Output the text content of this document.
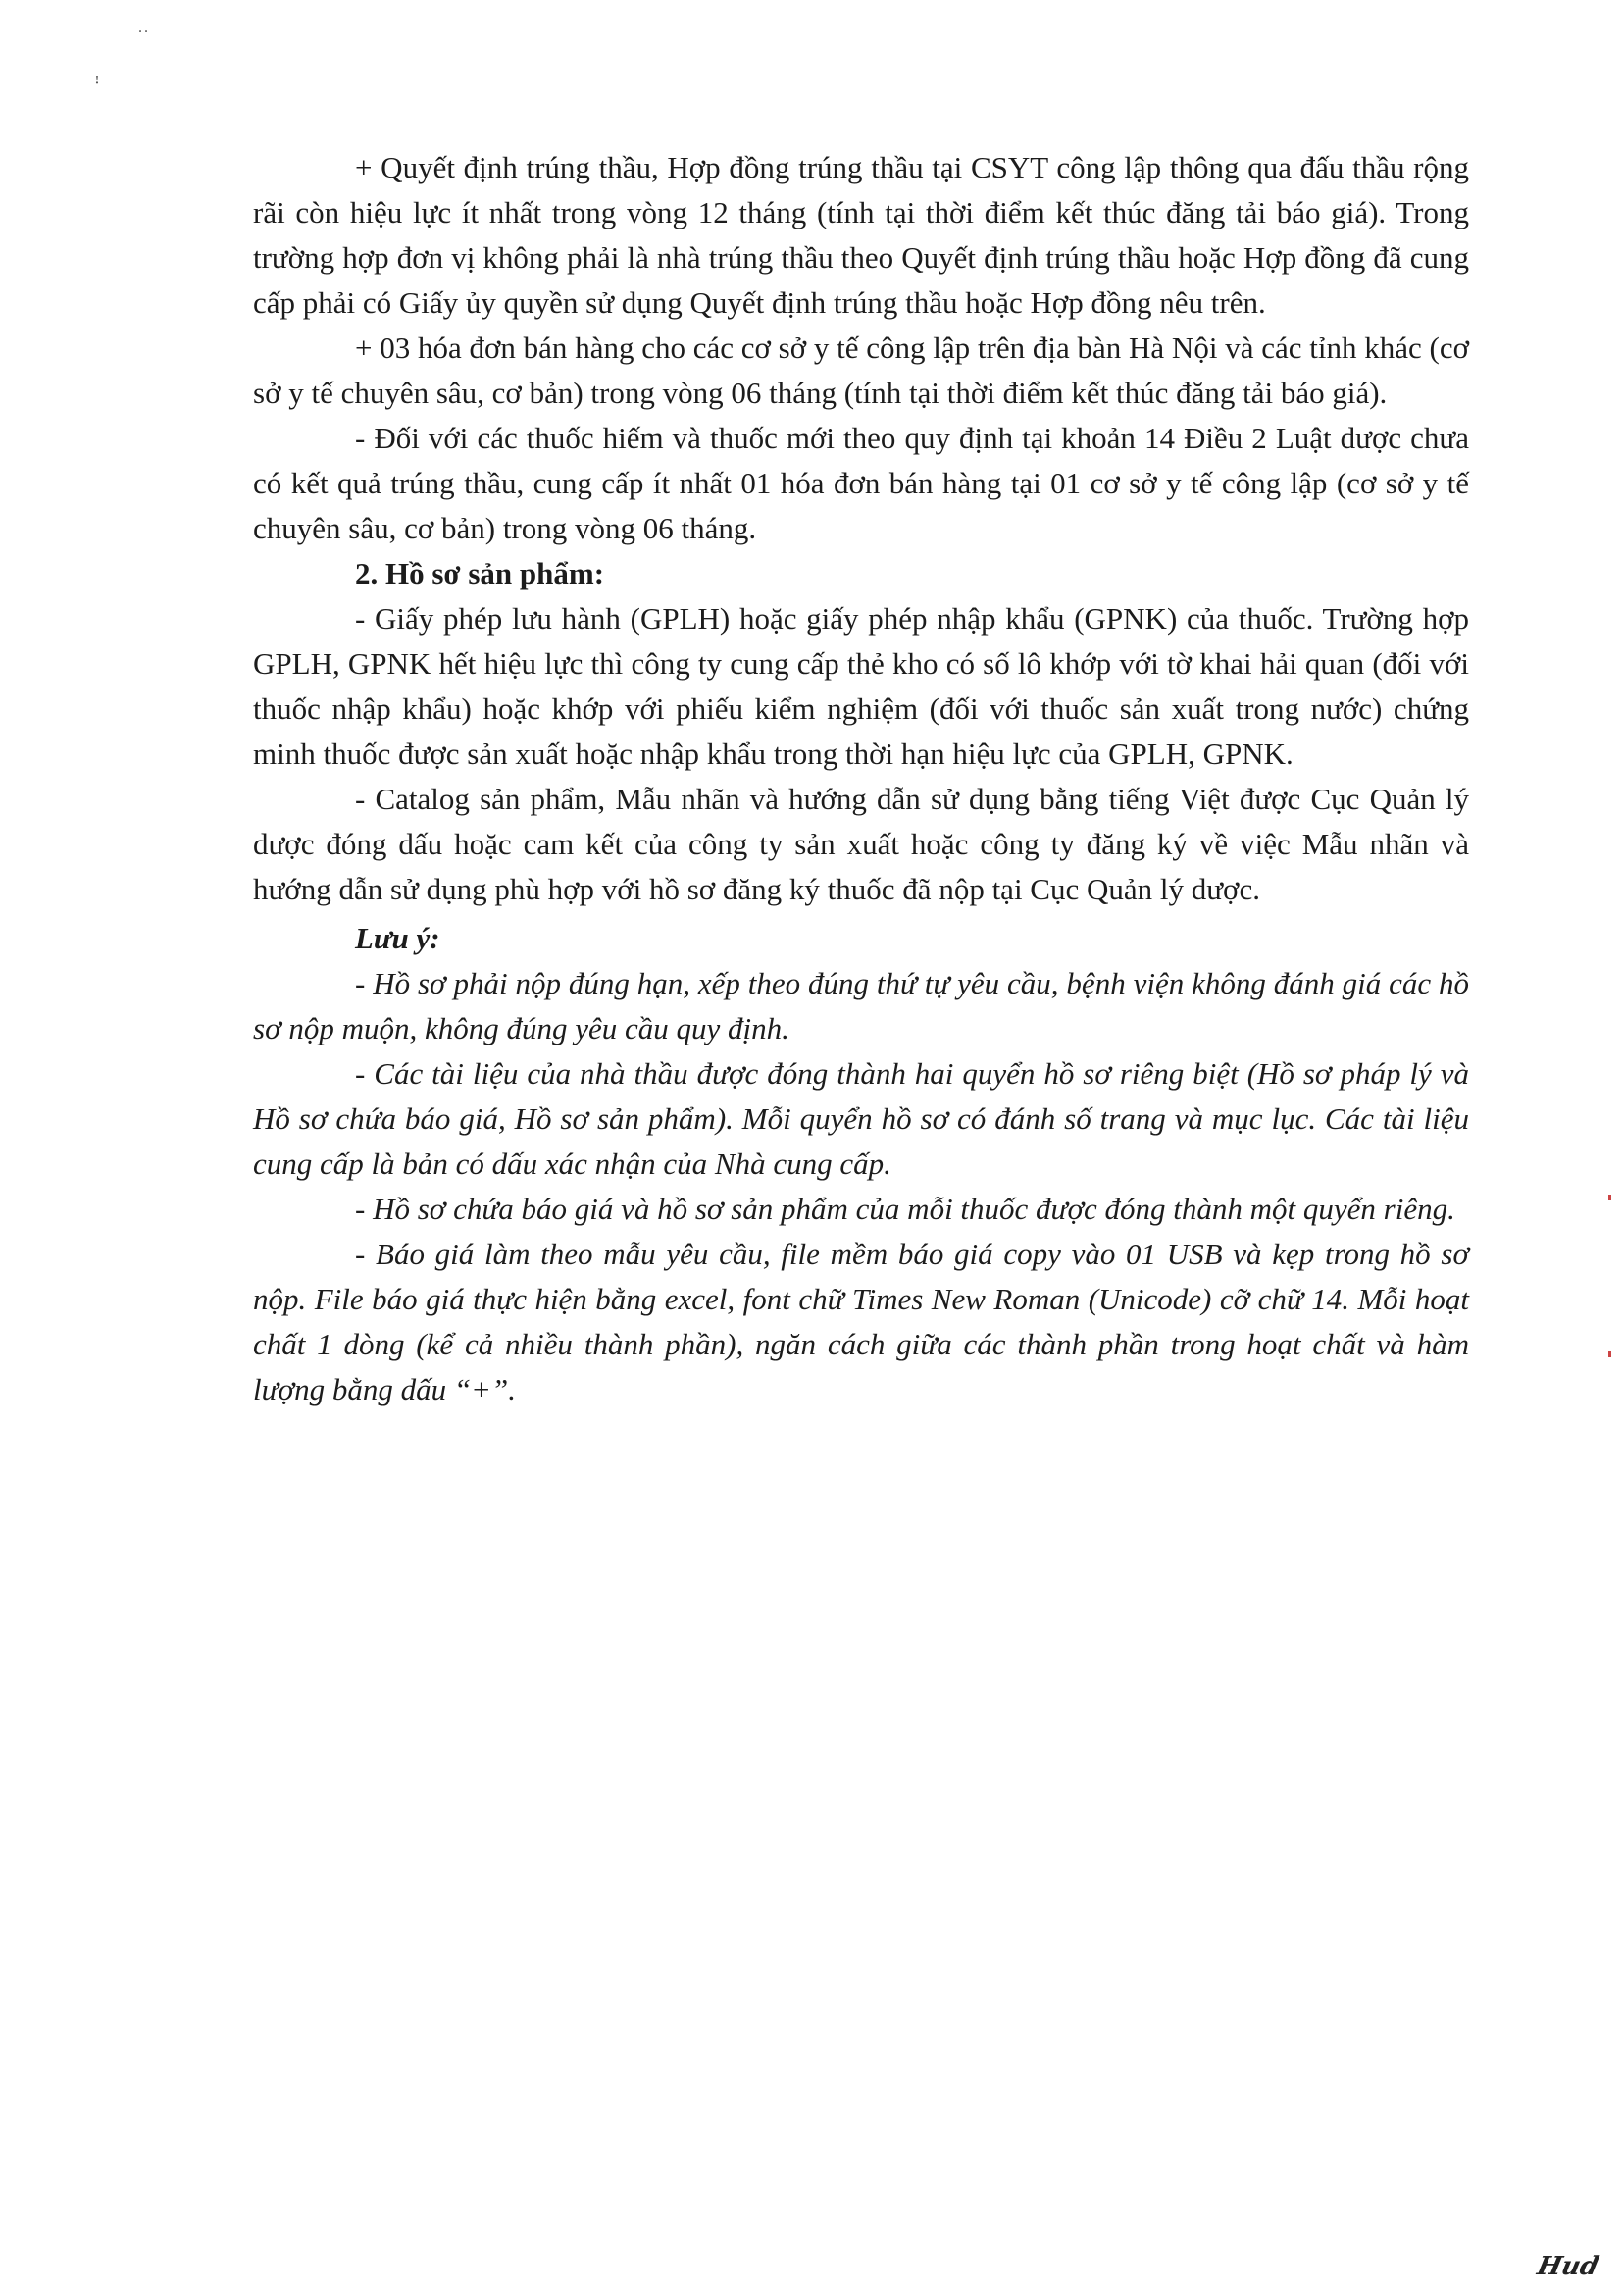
˙˙
ꜝ

+ Quyết định trúng thầu, Hợp đồng trúng thầu tại CSYT công lập thông qua đấu thầu rộng rãi còn hiệu lực ít nhất trong vòng 12 tháng (tính tại thời điểm kết thúc đăng tải báo giá). Trong trường hợp đơn vị không phải là nhà trúng thầu theo Quyết định trúng thầu hoặc Hợp đồng đã cung cấp phải có Giấy ủy quyền sử dụng Quyết định trúng thầu hoặc Hợp đồng nêu trên.

+ 03 hóa đơn bán hàng cho các cơ sở y tế công lập trên địa bàn Hà Nội và các tỉnh khác (cơ sở y tế chuyên sâu, cơ bản) trong vòng 06 tháng (tính tại thời điểm kết thúc đăng tải báo giá).

- Đối với các thuốc hiếm và thuốc mới theo quy định tại khoản 14 Điều 2 Luật dược chưa có kết quả trúng thầu, cung cấp ít nhất 01 hóa đơn bán hàng tại 01 cơ sở y tế công lập (cơ sở y tế chuyên sâu, cơ bản) trong vòng 06 tháng.

2. Hồ sơ sản phẩm:

- Giấy phép lưu hành (GPLH) hoặc giấy phép nhập khẩu (GPNK) của thuốc. Trường hợp GPLH, GPNK hết hiệu lực thì công ty cung cấp thẻ kho có số lô khớp với tờ khai hải quan (đối với thuốc nhập khẩu) hoặc khớp với phiếu kiểm nghiệm (đối với thuốc sản xuất trong nước) chứng minh thuốc được sản xuất hoặc nhập khẩu trong thời hạn hiệu lực của GPLH, GPNK.

- Catalog sản phẩm, Mẫu nhãn và hướng dẫn sử dụng bằng tiếng Việt được Cục Quản lý dược đóng dấu hoặc cam kết của công ty sản xuất hoặc công ty đăng ký về việc Mẫu nhãn và hướng dẫn sử dụng phù hợp với hồ sơ đăng ký thuốc đã nộp tại Cục Quản lý dược.

Lưu ý:

- Hồ sơ phải nộp đúng hạn, xếp theo đúng thứ tự yêu cầu, bệnh viện không đánh giá các hồ sơ nộp muộn, không đúng yêu cầu quy định.

- Các tài liệu của nhà thầu được đóng thành hai quyển hồ sơ riêng biệt (Hồ sơ pháp lý và Hồ sơ chứa báo giá, Hồ sơ sản phẩm). Mỗi quyển hồ sơ có đánh số trang và mục lục. Các tài liệu cung cấp là bản có dấu xác nhận của Nhà cung cấp.

- Hồ sơ chứa báo giá và hồ sơ sản phẩm của mỗi thuốc được đóng thành một quyển riêng.

- Báo giá làm theo mẫu yêu cầu, file mềm báo giá copy vào 01 USB và kẹp trong hồ sơ nộp. File báo giá thực hiện bằng excel, font chữ Times New Roman (Unicode) cỡ chữ 14. Mỗi hoạt chất 1 dòng (kể cả nhiều thành phần), ngăn cách giữa các thành phần trong hoạt chất và hàm lượng bằng dấu “+”.

Hud
